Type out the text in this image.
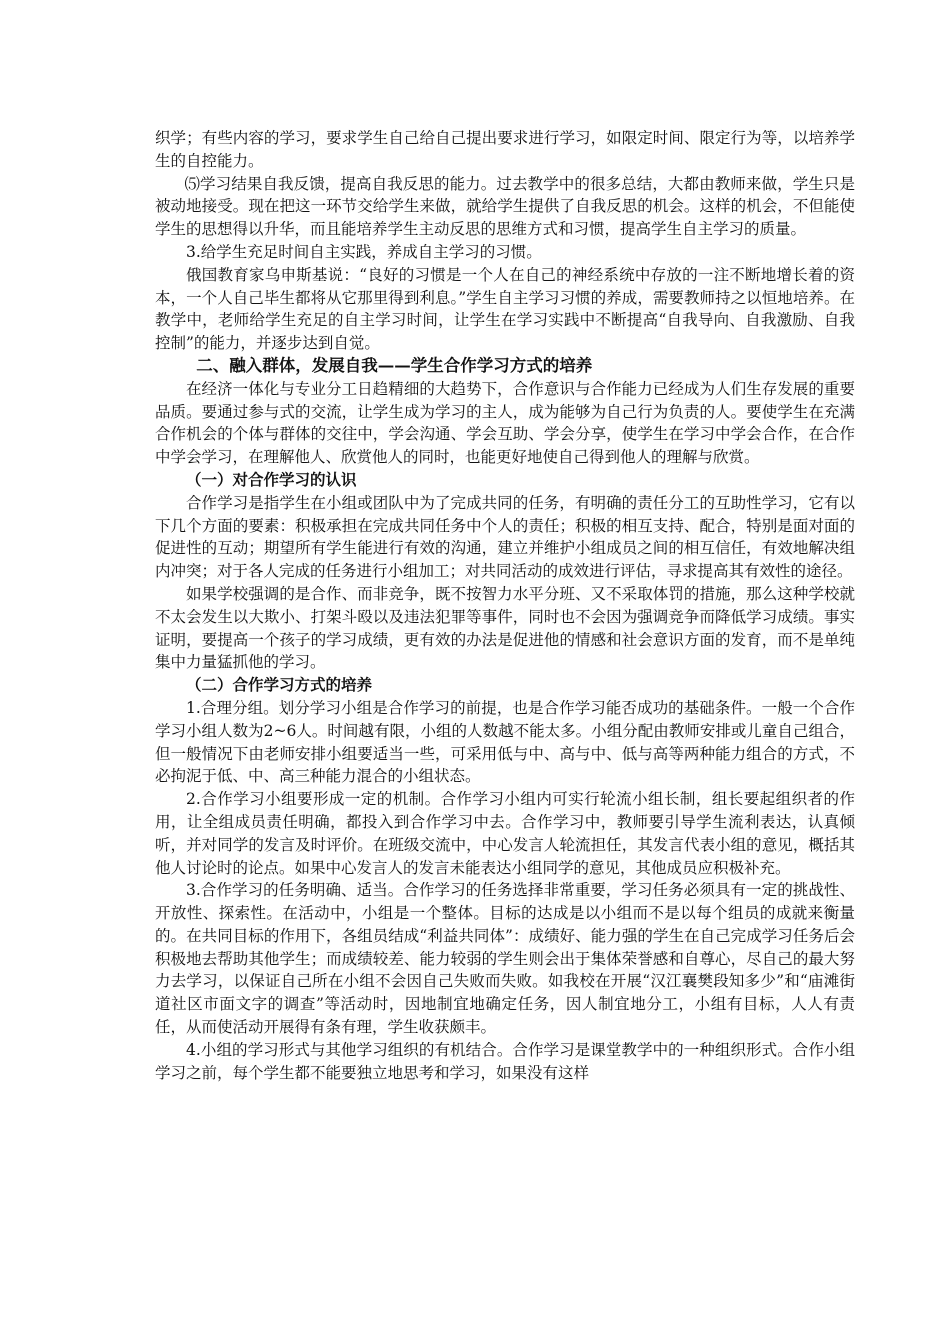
织学；有些内容的学习，要求学生自己给自己提出要求进行学习，如限定时间、限定行为等，以培养学生的自控能力。

⑸学习结果自我反馈，提高自我反思的能力。过去教学中的很多总结，大都由教师来做，学生只是被动地接受。现在把这一环节交给学生来做，就给学生提供了自我反思的机会。这样的机会，不但能使学生的思想得以升华，而且能培养学生主动反思的思维方式和习惯，提高学生自主学习的质量。

3.给学生充足时间自主实践，养成自主学习的习惯。

俄国教育家乌申斯基说：“良好的习惯是一个人在自己的神经系统中存放的一注不断地增长着的资本，一个人自己毕生都将从它那里得到利息。”学生自主学习习惯的养成，需要教师持之以恒地培养。在教学中，老师给学生充足的自主学习时间，让学生在学习实践中不断提高“自我导向、自我激励、自我控制”的能力，并逐步达到自觉。

二、融入群体，发展自我——学生合作学习方式的培养

在经济一体化与专业分工日趋精细的大趋势下，合作意识与合作能力已经成为人们生存发展的重要品质。要通过参与式的交流，让学生成为学习的主人，成为能够为自己行为负责的人。要使学生在充满合作机会的个体与群体的交往中，学会沟通、学会互助、学会分享，使学生在学习中学会合作，在合作中学会学习，在理解他人、欣赏他人的同时，也能更好地使自己得到他人的理解与欣赏。

（一）对合作学习的认识

合作学习是指学生在小组或团队中为了完成共同的任务，有明确的责任分工的互助性学习，它有以下几个方面的要素：积极承担在完成共同任务中个人的责任；积极的相互支持、配合，特别是面对面的促进性的互动；期望所有学生能进行有效的沟通，建立并维护小组成员之间的相互信任，有效地解决组内冲突；对于各人完成的任务进行小组加工；对共同活动的成效进行评估，寻求提高其有效性的途径。

如果学校强调的是合作、而非竞争，既不按智力水平分班、又不采取体罚的措施，那么这种学校就不太会发生以大欺小、打架斗殴以及违法犯罪等事件，同时也不会因为强调竞争而降低学习成绩。事实证明，要提高一个孩子的学习成绩，更有效的办法是促进他的情感和社会意识方面的发育，而不是单纯集中力量猛抓他的学习。

（二）合作学习方式的培养

1.合理分组。划分学习小组是合作学习的前提，也是合作学习能否成功的基础条件。一般一个合作学习小组人数为2~6人。时间越有限，小组的人数越不能太多。小组分配由教师安排或儿童自己组合，但一般情况下由老师安排小组要适当一些，可采用低与中、高与中、低与高等两种能力组合的方式，不必拘泥于低、中、高三种能力混合的小组状态。

2.合作学习小组要形成一定的机制。合作学习小组内可实行轮流小组长制，组长要起组织者的作用，让全组成员责任明确，都投入到合作学习中去。合作学习中，教师要引导学生流利表达，认真倾听，并对同学的发言及时评价。在班级交流中，中心发言人轮流担任，其发言代表小组的意见，概括其他人讨论时的论点。如果中心发言人的发言未能表达小组同学的意见，其他成员应积极补充。

3.合作学习的任务明确、适当。合作学习的任务选择非常重要，学习任务必须具有一定的挑战性、开放性、探索性。在活动中，小组是一个整体。目标的达成是以小组而不是以每个组员的成就来衡量的。在共同目标的作用下，各组员结成“利益共同体”：成绩好、能力强的学生在自己完成学习任务后会积极地去帮助其他学生；而成绩较差、能力较弱的学生则会出于集体荣誉感和自尊心，尽自己的最大努力去学习，以保证自己所在小组不会因自己失败而失败。如我校在开展“汉江襄樊段知多少”和“庙滩街道社区市面文字的调查”等活动时，因地制宜地确定任务，因人制宜地分工，小组有目标，人人有责任，从而使活动开展得有条有理，学生收获颇丰。

4.小组的学习形式与其他学习组织的有机结合。合作学习是课堂教学中的一种组织形式。合作小组学习之前，每个学生都不能要独立地思考和学习，如果没有这样
